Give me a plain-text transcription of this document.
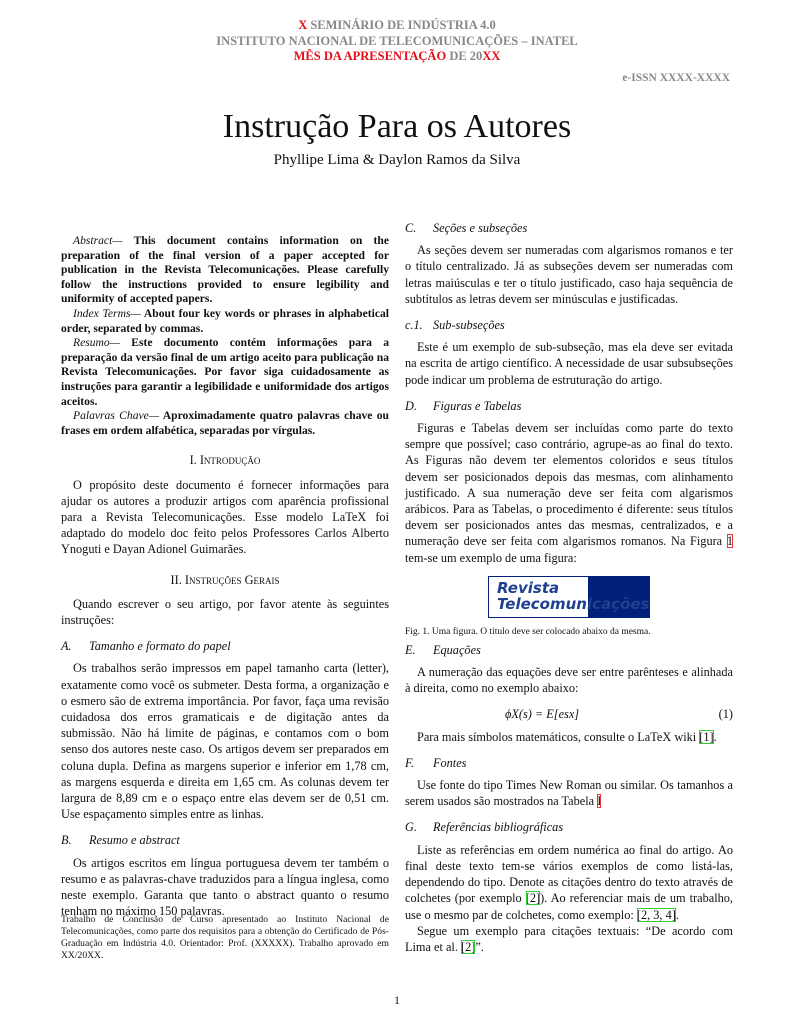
X SEMINÁRIO DE INDÚSTRIA 4.0
INSTITUTO NACIONAL DE TELECOMUNICAÇÕES – INATEL
MÊS DA APRESENTAÇÃO DE 20XX
e-ISSN XXXX-XXXX
Instrução Para os Autores
Phyllipe Lima & Daylon Ramos da Silva

Abstract— This document contains information on the preparation of the final version of a paper accepted for publication in the Revista Telecomunicações. Please carefully follow the instructions provided to ensure legibility and uniformity of accepted papers.

Index Terms— About four key words or phrases in alphabetical order, separated by commas.

Resumo— Este documento contém informações para a preparação da versão final de um artigo aceito para publicação na Revista Telecomunicações. Por favor siga cuidadosamente as instruções para garantir a legibilidade e uniformidade dos artigos aceitos.

Palavras Chave— Aproximadamente quatro palavras chave ou frases em ordem alfabética, separadas por vírgulas.

I. Introdução

O propósito deste documento é fornecer informações para ajudar os autores a produzir artigos com aparência profissional para a Revista Telecomunicações. Esse modelo LaTeX foi adaptado do modelo doc feito pelos Professores Carlos Alberto Ynoguti e Dayan Adionel Guimarães.

II. Instruções Gerais

Quando escrever o seu artigo, por favor atente às seguintes instruções:

A. Tamanho e formato do papel

Os trabalhos serão impressos em papel tamanho carta (letter), exatamente como você os submeter. Desta forma, a organização e o esmero são de extrema importância. Por favor, faça uma revisão cuidadosa dos erros gramaticais e de digitação antes da submissão. Não há limite de páginas, e contamos com o bom senso dos autores neste caso. Os artigos devem ser preparados em coluna dupla. Defina as margens superior e inferior em 1,78 cm, as margens esquerda e direita em 1,65 cm. As colunas devem ter largura de 8,89 cm e o espaço entre elas devem ser de 0,51 cm. Use espaçamento simples entre as linhas.

B. Resumo e abstract

Os artigos escritos em língua portuguesa devem ter também o resumo e as palavras-chave traduzidos para a língua inglesa, como neste exemplo. Garanta que tanto o abstract quanto o resumo tenham no máximo 150 palavras.

Trabalho de Conclusão de Curso apresentado ao Instituto Nacional de Telecomunicações, como parte dos requisitos para a obtenção do Certificado de Pós-Graduação em Indústria 4.0. Orientador: Prof. (XXXXX). Trabalho aprovado em XX/20XX.
C. Seções e subseções

As seções devem ser numeradas com algarismos romanos e ter o título centralizado. Já as subseções devem ser numeradas com letras maiúsculas e ter o título justificado, caso haja sequência de subtítulos as letras devem ser minúsculas e justificadas.

c.1. Sub-subseções

Este é um exemplo de sub-subseção, mas ela deve ser evitada na escrita de artigo científico. A necessidade de usar subsubseções pode indicar um problema de estruturação do artigo.

D. Figuras e Tabelas

Figuras e Tabelas devem ser incluídas como parte do texto sempre que possível; caso contrário, agrupe-as ao final do texto. As Figuras não devem ter elementos coloridos e seus títulos devem ser posicionados depois das mesmas, com alinhamento justificado. A sua numeração deve ser feita com algarismos arábicos. Para as Tabelas, o procedimento é diferente: seus títulos devem ser posicionados antes das mesmas, centralizados, e a numeração deve ser feita com algarismos romanos. Na Figura 1 tem-se um exemplo de uma figura:

Revista
Telecomunicações
Fig. 1. Uma figura. O título deve ser colocado abaixo da mesma.
E. Equações

A numeração das equações deve ser entre parênteses e alinhada à direita, como no exemplo abaixo:

ϕX(s) = E[esx]	(1)

Para mais símbolos matemáticos, consulte o LaTeX wiki [1].

F. Fontes

Use fonte do tipo Times New Roman ou similar. Os tamanhos a serem usados são mostrados na Tabela I

G. Referências bibliográficas

Liste as referências em ordem numérica ao final do artigo. Ao final deste texto tem-se vários exemplos de como listá-las, dependendo do tipo. Denote as citações dentro do texto através de colchetes (por exemplo [2]). Ao referenciar mais de um trabalho, use o mesmo par de colchetes, como exemplo: [2, 3, 4].

Segue um exemplo para citações textuais: “De acordo com Lima et al. [2]”.

1
